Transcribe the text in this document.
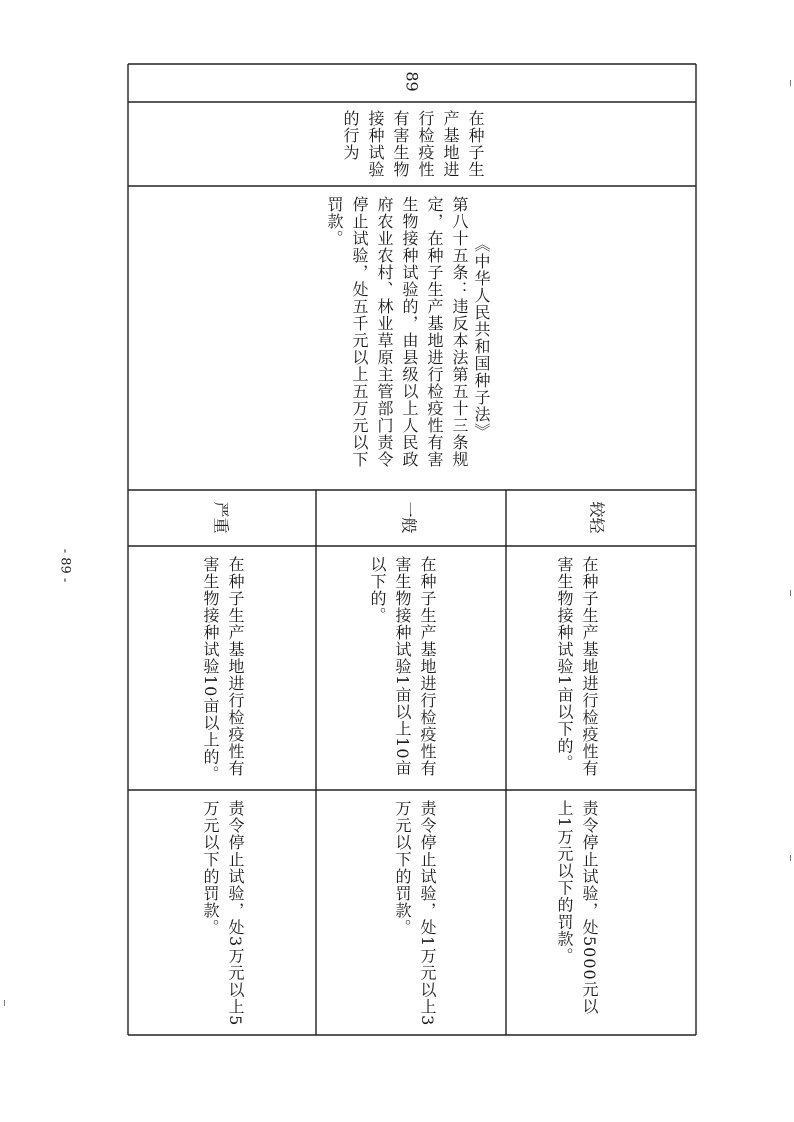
- 89 -
89
在种子生产基地进行检疫性有害生物接种试验的行为
《中华人民共和国种子法》
第八十五条：违反本法第五十三条规定，在种子生产基地进行检疫性有害生物接种试验的，由县级以上人民政府农业农村、林业草原主管部门责令停止试验，处五千元以上五万元以下罚款。
较轻
一般
严重
在种子生产基地进行检疫性有害生物接种试验1亩以下的。
在种子生产基地进行检疫性有害生物接种试验1亩以上10亩以下的。
在种子生产基地进行检疫性有害生物接种试验10亩以上的。
责令停止试验，处5000元以上1万元以下的罚款。
责令停止试验，处1万元以上3万元以下的罚款。
责令停止试验，处3万元以上5万元以下的罚款。
